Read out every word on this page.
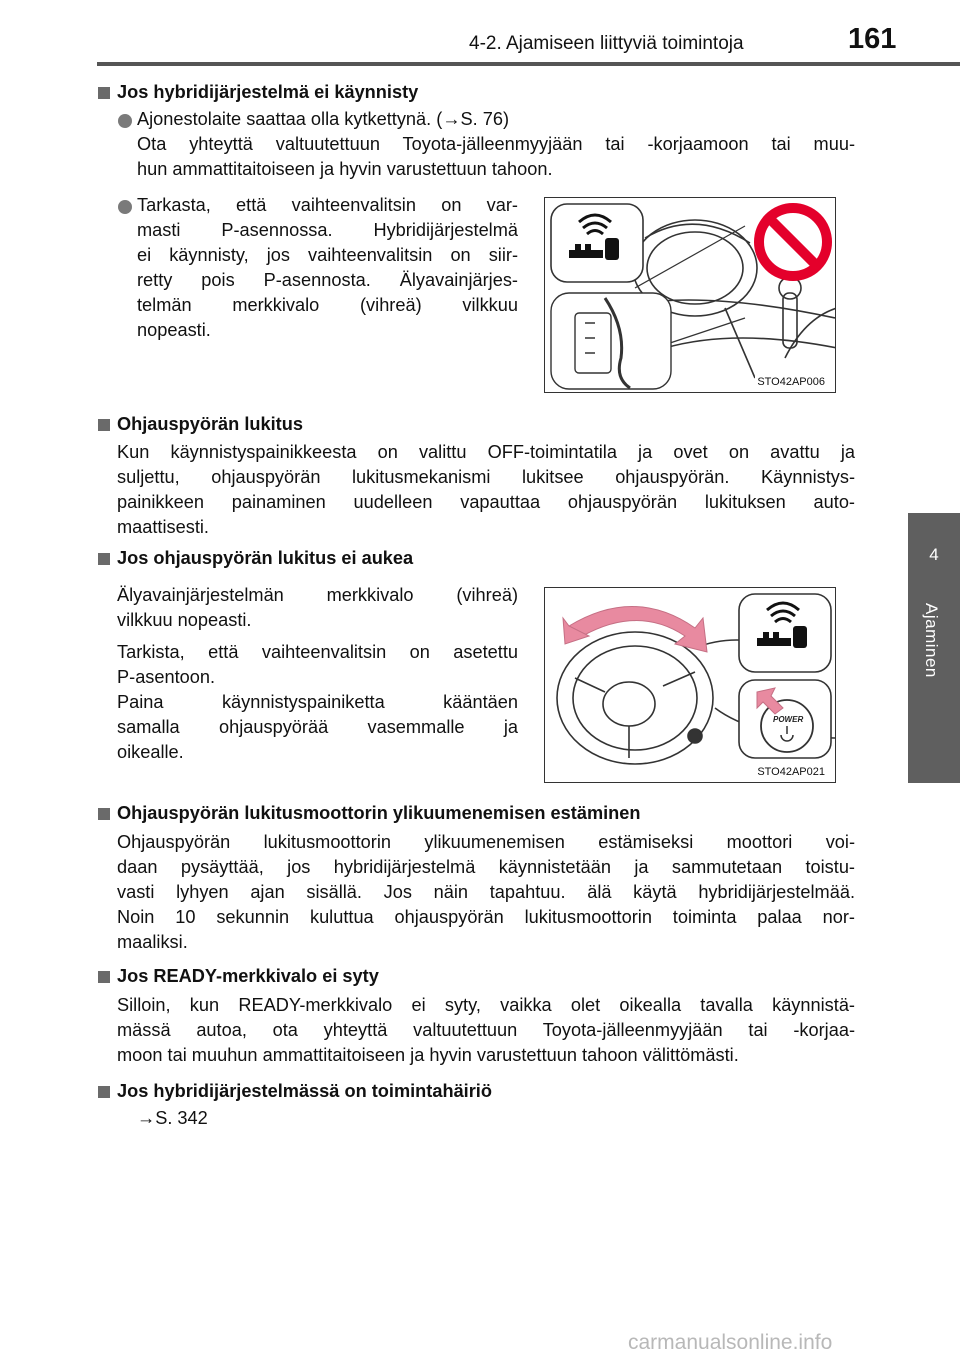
4-2. Ajamiseen liittyviä toimintoja	161
4
Ajaminen
Jos hybridijärjestelmä ei käynnisty
Ajonestolaite saattaa olla kytkettynä. (→S. 76)
Ota yhteyttä valtuutettuun Toyota-jälleenmyyjään tai -korjaamoon tai muu-
hun ammattitaitoiseen ja hyvin varustettuun tahoon.
Tarkasta, että vaihteenvalitsin on var-
masti P-asennossa. Hybridijärjestelmä
ei käynnisty, jos vaihteenvalitsin on siir-
retty pois P-asennosta. Älyavainjärjes-
telmän merkkivalo (vihreä) vilkkuu
nopeasti.
STO42AP006
Ohjauspyörän lukitus
Kun käynnistyspainikkeesta on valittu OFF-toimintatila ja ovet on avattu ja
suljettu, ohjauspyörän lukitusmekanismi lukitsee ohjauspyörän. Käynnistys-
painikkeen painaminen uudelleen vapauttaa ohjauspyörän lukituksen auto-
maattisesti.
Jos ohjauspyörän lukitus ei aukea
Älyavainjärjestelmän merkkivalo (vihreä)
vilkkuu nopeasti.
Tarkista, että vaihteenvalitsin on asetettu
P-asentoon.
Paina käynnistyspainiketta kääntäen
samalla ohjauspyörää vasemmalle ja
oikealle.
POWER
STO42AP021
Ohjauspyörän lukitusmoottorin ylikuumenemisen estäminen
Ohjauspyörän lukitusmoottorin ylikuumenemisen estämiseksi moottori voi-
daan pysäyttää, jos hybridijärjestelmä käynnistetään ja sammutetaan toistu-
vasti lyhyen ajan sisällä. Jos näin tapahtuu. älä käytä hybridijärjestelmää.
Noin 10 sekunnin kuluttua ohjauspyörän lukitusmoottorin toiminta palaa nor-
maaliksi.
Jos READY-merkkivalo ei syty
Silloin, kun READY-merkkivalo ei syty, vaikka olet oikealla tavalla käynnistä-
mässä autoa, ota yhteyttä valtuutettuun Toyota-jälleenmyyjään tai -korjaa-
moon tai muuhun ammattitaitoiseen ja hyvin varustettuun tahoon välittömästi.
Jos hybridijärjestelmässä on toimintahäiriö
→S. 342
carmanualsonline.info
